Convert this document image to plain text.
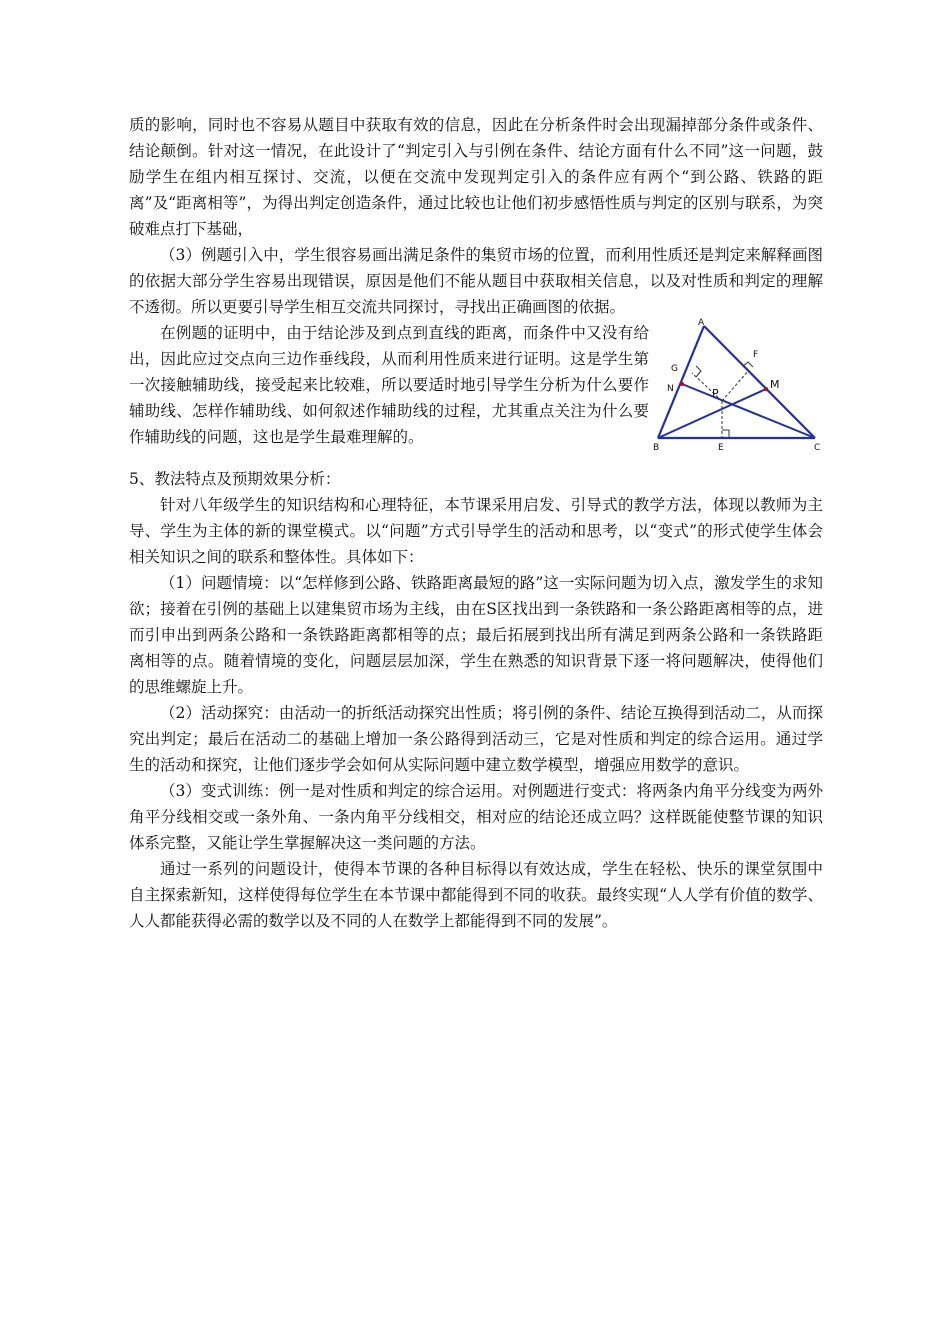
质的影响，同时也不容易从题目中获取有效的信息，因此在分析条件时会出现漏掉部分条件或条件、结论颠倒。针对这一情况，在此设计了“判定引入与引例在条件、结论方面有什么不同”这一问题，鼓励学生在组内相互探讨、交流，以便在交流中发现判定引入的条件应有两个“到公路、铁路的距离”及“距离相等”，为得出判定创造条件，通过比较也让他们初步感悟性质与判定的区别与联系，为突破难点打下基础，

（3）例题引入中，学生很容易画出满足条件的集贸市场的位置，而利用性质还是判定来解释画图的依据大部分学生容易出现错误，原因是他们不能从题目中获取相关信息，以及对性质和判定的理解不透彻。所以更要引导学生相互交流共同探讨，寻找出正确画图的依据。

在例题的证明中，由于结论涉及到点到直线的距离，而条件中又没有给出，因此应过交点向三边作垂线段，从而利用性质来进行证明。这是学生第一次接触辅助线，接受起来比较难，所以要适时地引导学生分析为什么要作辅助线、怎样作辅助线、如何叙述作辅助线的过程，尤其重点关注为什么要作辅助线的问题，这也是学生最难理解的。

A
B	C
E
F
G
M
N	P

5、教法特点及预期效果分析：

针对八年级学生的知识结构和心理特征，本节课采用启发、引导式的教学方法，体现以教师为主导、学生为主体的新的课堂模式。以“问题”方式引导学生的活动和思考，以“变式”的形式使学生体会相关知识之间的联系和整体性。具体如下：

（1）问题情境：以“怎样修到公路、铁路距离最短的路”这一实际问题为切入点，激发学生的求知欲；接着在引例的基础上以建集贸市场为主线，由在S区找出到一条铁路和一条公路距离相等的点，进而引申出到两条公路和一条铁路距离都相等的点；最后拓展到找出所有满足到两条公路和一条铁路距离相等的点。随着情境的变化，问题层层加深，学生在熟悉的知识背景下逐一将问题解决，使得他们的思维螺旋上升。

（2）活动探究：由活动一的折纸活动探究出性质；将引例的条件、结论互换得到活动二，从而探究出判定；最后在活动二的基础上增加一条公路得到活动三，它是对性质和判定的综合运用。通过学生的活动和探究，让他们逐步学会如何从实际问题中建立数学模型，增强应用数学的意识。

（3）变式训练：例一是对性质和判定的综合运用。对例题进行变式：将两条内角平分线变为两外角平分线相交或一条外角、一条内角平分线相交，相对应的结论还成立吗？这样既能使整节课的知识体系完整，又能让学生掌握解决这一类问题的方法。

通过一系列的问题设计，使得本节课的各种目标得以有效达成，学生在轻松、快乐的课堂氛围中自主探索新知，这样使得每位学生在本节课中都能得到不同的收获。最终实现“人人学有价值的数学、人人都能获得必需的数学以及不同的人在数学上都能得到不同的发展”。
